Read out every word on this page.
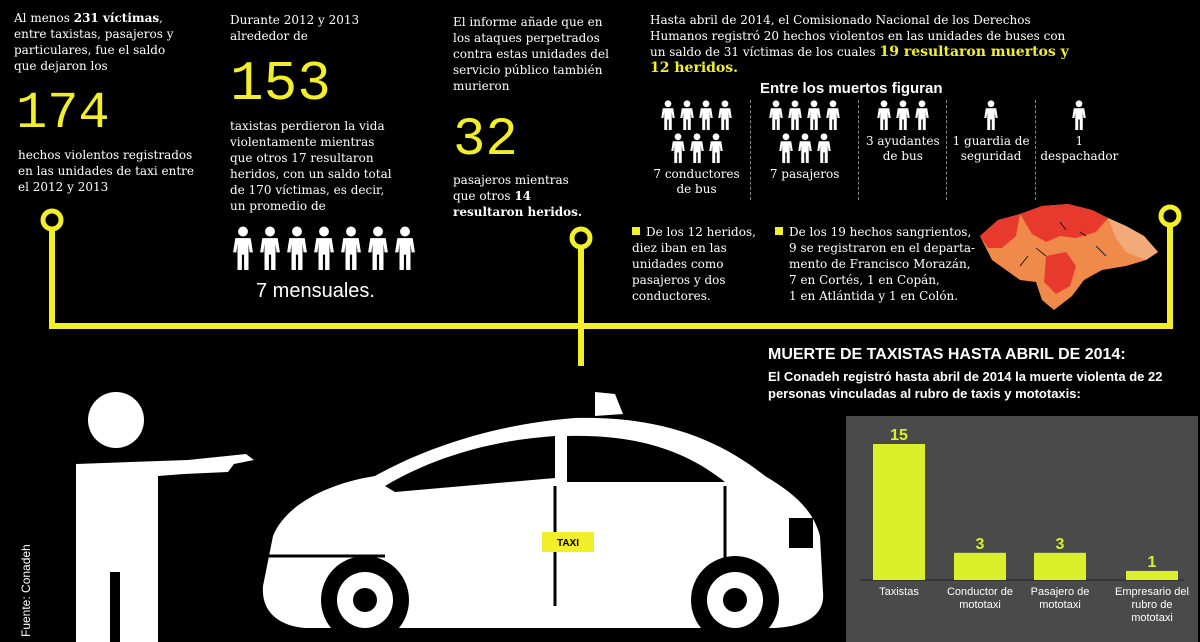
Al menos 231 víctimas, entre taxistas, pasajeros y particulares, fue el saldo que dejaron los
174
hechos violentos registrados en las unidades de taxi entre el 2012 y 2013
Durante 2012 y 2013 alrededor de
153
taxistas perdieron la vida violentamente mientras que otros 17 resultaron heridos, con un saldo total de 170 víctimas, es decir, un promedio de
7 mensuales.
El informe añade que en los ataques perpetrados contra estas unidades del servicio público también murieron
32
pasajeros mientras que otros 14 resultaron heridos.
Hasta abril de 2014, el Comisionado Nacional de los Derechos Humanos registró 20 hechos violentos en las unidades de buses con un saldo de 31 víctimas de los cuales 19 resultaron muertos y 12 heridos.
Entre los muertos figuran
7 conductores de bus
7 pasajeros
3 ayudantes de bus
1 guardia de seguridad
1 despachador
De los 12 heridos, diez iban en las unidades como pasajeros y dos conductores.
De los 19 hechos sangrientos,
9 se registraron en el departa-
mento de Francisco Morazán,
7 en Cortés, 1 en Copán,
1 en Atlántida y 1 en Colón.
TAXI
Fuente: Conadeh
MUERTE DE TAXISTAS HASTA ABRIL DE 2014:
El Conadeh registró hasta abril de 2014 la muerte violenta de 22 personas vinculadas al rubro de taxis y mototaxis:
15
Taxistas
3
Conductor de mototaxi
3
Pasajero de mototaxi
1
Empresario del rubro de mototaxi
